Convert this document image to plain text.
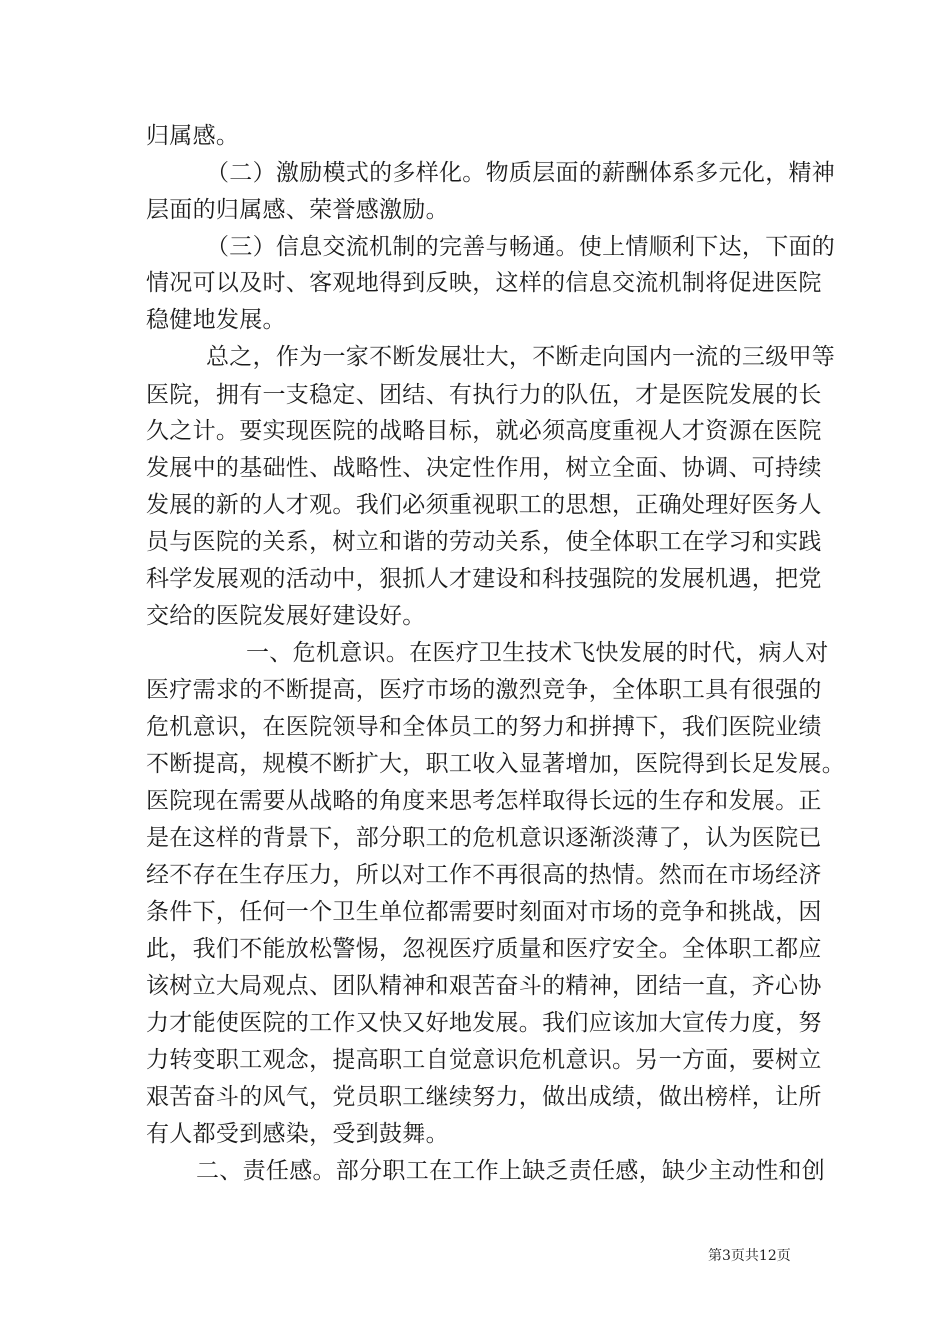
归属感。
（二）激励模式的多样化。物质层面的薪酬体系多元化，精神
层面的归属感、荣誉感激励。
（三）信息交流机制的完善与畅通。使上情顺利下达，下面的
情况可以及时、客观地得到反映，这样的信息交流机制将促进医院
稳健地发展。
总之，作为一家不断发展壮大，不断走向国内一流的三级甲等
医院，拥有一支稳定、团结、有执行力的队伍，才是医院发展的长
久之计。要实现医院的战略目标，就必须高度重视人才资源在医院
发展中的基础性、战略性、决定性作用，树立全面、协调、可持续
发展的新的人才观。我们必须重视职工的思想，正确处理好医务人
员与医院的关系，树立和谐的劳动关系，使全体职工在学习和实践
科学发展观的活动中，狠抓人才建设和科技强院的发展机遇，把党
交给的医院发展好建设好。
一、危机意识。在医疗卫生技术飞快发展的时代，病人对
医疗需求的不断提高，医疗市场的激烈竞争，全体职工具有很强的
危机意识，在医院领导和全体员工的努力和拼搏下，我们医院业绩
不断提高，规模不断扩大，职工收入显著增加，医院得到长足发展。
医院现在需要从战略的角度来思考怎样取得长远的生存和发展。正
是在这样的背景下，部分职工的危机意识逐渐淡薄了，认为医院已
经不存在生存压力，所以对工作不再很高的热情。然而在市场经济
条件下，任何一个卫生单位都需要时刻面对市场的竞争和挑战，因
此，我们不能放松警惕，忽视医疗质量和医疗安全。全体职工都应
该树立大局观点、团队精神和艰苦奋斗的精神，团结一直，齐心协
力才能使医院的工作又快又好地发展。我们应该加大宣传力度，努
力转变职工观念，提高职工自觉意识危机意识。另一方面，要树立
艰苦奋斗的风气，党员职工继续努力，做出成绩，做出榜样，让所
有人都受到感染，受到鼓舞。
二、责任感。部分职工在工作上缺乏责任感，缺少主动性和创
第3页共12页
